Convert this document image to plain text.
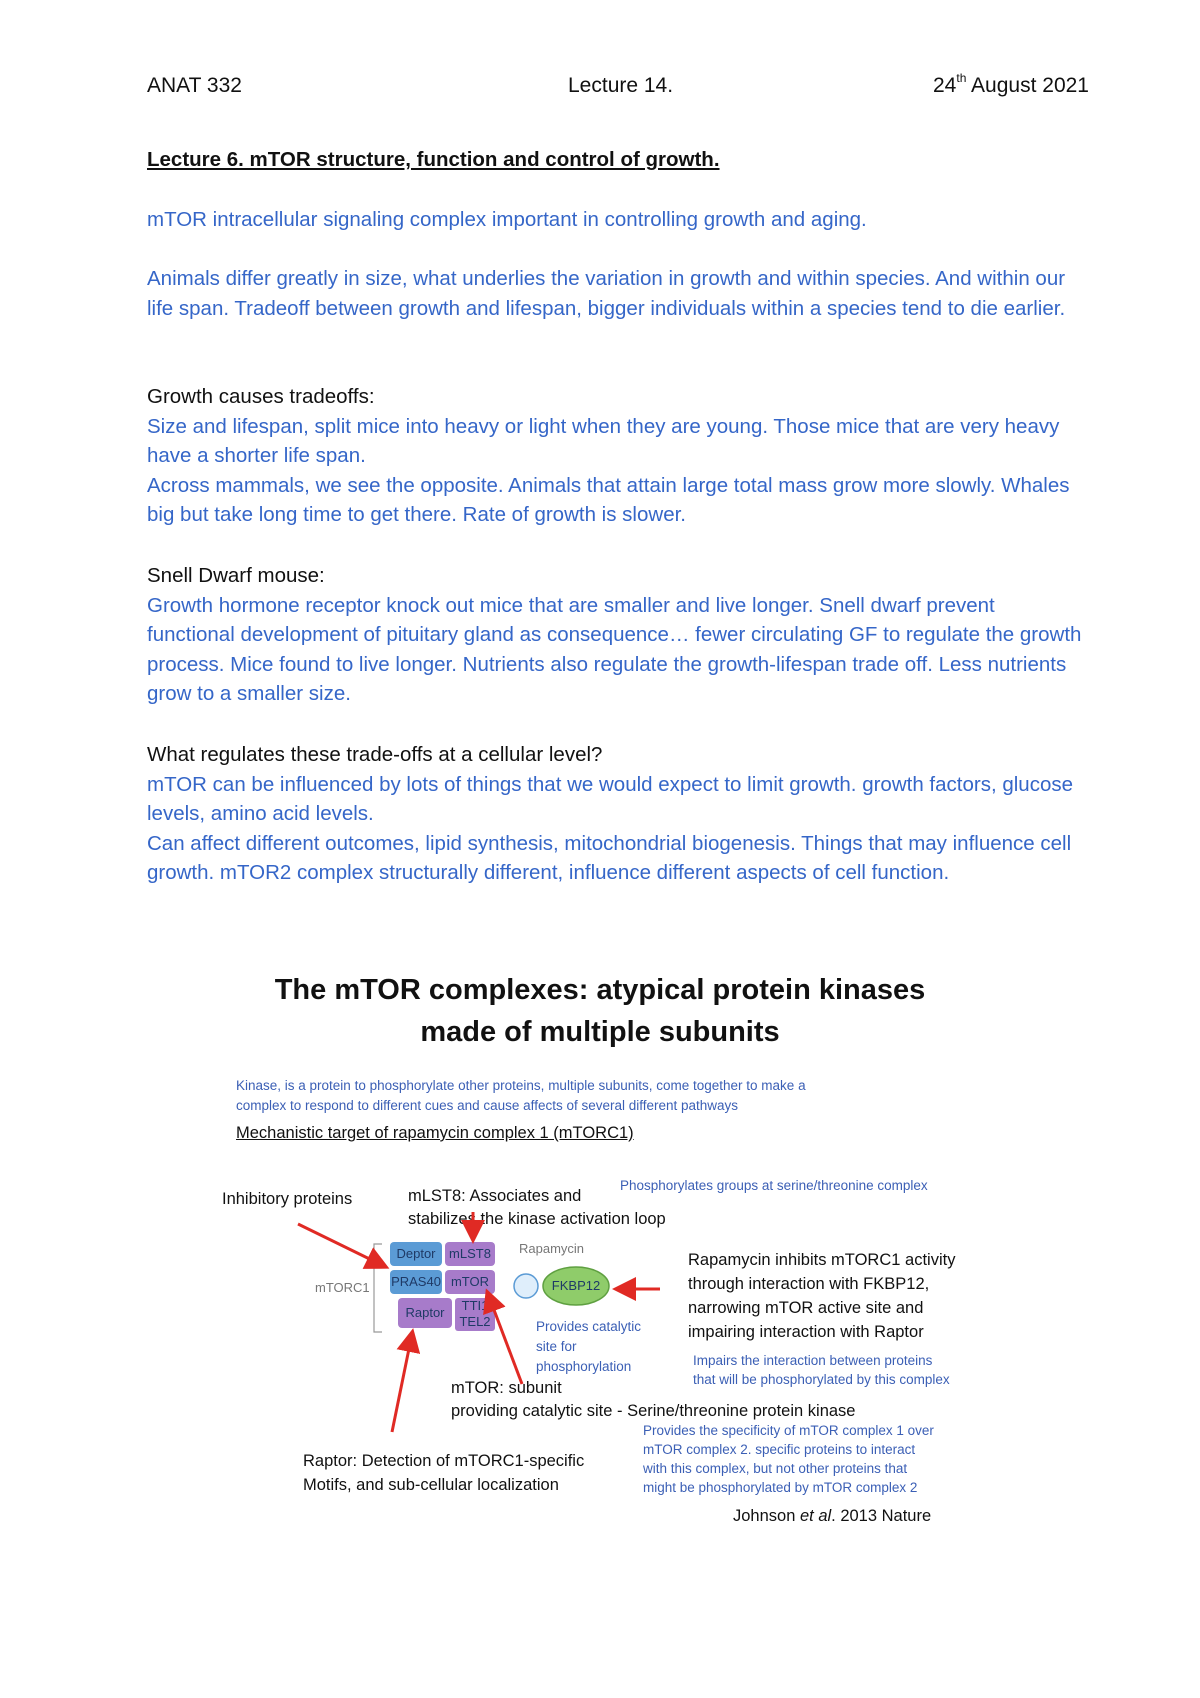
ANAT 332	Lecture 14.	24th August 2021
Lecture 6. mTOR structure, function and control of growth.

mTOR intracellular signaling complex important in controlling growth and aging.

Animals differ greatly in size, what underlies the variation in growth and within species. And within our life span. Tradeoff between growth and lifespan, bigger individuals within a species tend to die earlier.

Growth causes tradeoffs:

Size and lifespan, split mice into heavy or light when they are young. Those mice that are very heavy have a shorter life span.

Across mammals, we see the opposite. Animals that attain large total mass grow more slowly. Whales big but take long time to get there. Rate of growth is slower.

Snell Dwarf mouse:

Growth hormone receptor knock out mice that are smaller and live longer. Snell dwarf prevent functional development of pituitary gland as consequence… fewer circulating GF to regulate the growth process. Mice found to live longer. Nutrients also regulate the growth-lifespan trade off. Less nutrients grow to a smaller size.

What regulates these trade-offs at a cellular level?

mTOR can be influenced by lots of things that we would expect to limit growth. growth factors, glucose levels, amino acid levels.

Can affect different outcomes, lipid synthesis, mitochondrial biogenesis. Things that may influence cell growth. mTOR2 complex structurally different, influence different aspects of cell function.

The mTOR complexes: atypical protein kinases
made of multiple subunits
Kinase, is a protein to phosphorylate other proteins, multiple subunits, come together to make a
complex to respond to different cues and cause affects of several different pathways
Mechanistic target of rapamycin complex 1 (mTORC1)
Inhibitory proteins	mLST8: Associates and
stabilizes the kinase activation loop
Phosphorylates groups at serine/threonine complex
Rapamycin
mTORC1
Deptor	mLST8
PRAS40 mTOR
Raptor	TTI1
TEL2
FKBP12
Provides catalytic
site for
phosphorylation
Rapamycin inhibits mTORC1 activity
through interaction with FKBP12,
narrowing mTOR active site and
impairing interaction with Raptor
Impairs the interaction between proteins
that will be phosphorylated by this complex
mTOR: subunit
providing catalytic site - Serine/threonine protein kinase
Provides the specificity of mTOR complex 1 over
mTOR complex 2. specific proteins to interact
with this complex, but not other proteins that
might be phosphorylated by mTOR complex 2
Raptor: Detection of mTORC1-specific
Motifs, and sub-cellular localization
Johnson et al. 2013 Nature
